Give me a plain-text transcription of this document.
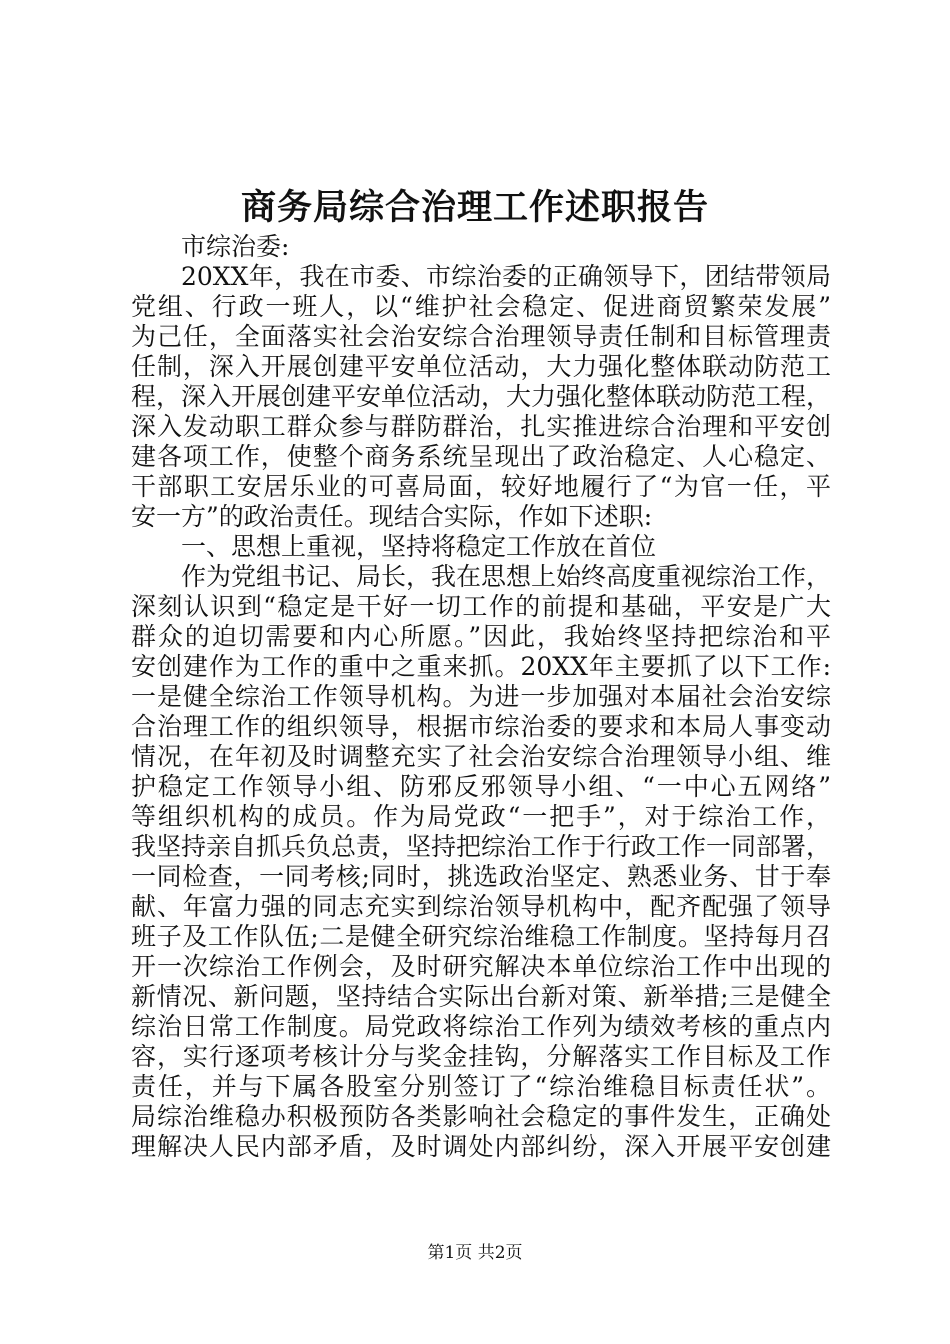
商务局综合治理工作述职报告
市综治委:
20XX年，我在市委、市综治委的正确领导下，团结带领局
党组、行政一班人，以“维护社会稳定、促进商贸繁荣发展”
为己任，全面落实社会治安综合治理领导责任制和目标管理责
任制，深入开展创建平安单位活动，大力强化整体联动防范工
程，深入开展创建平安单位活动，大力强化整体联动防范工程，
深入发动职工群众参与群防群治，扎实推进综合治理和平安创
建各项工作，使整个商务系统呈现出了政治稳定、人心稳定、
干部职工安居乐业的可喜局面，较好地履行了“为官一任，平
安一方”的政治责任。现结合实际，作如下述职:
一、思想上重视，坚持将稳定工作放在首位
作为党组书记、局长，我在思想上始终高度重视综治工作，
深刻认识到“稳定是干好一切工作的前提和基础，平安是广大
群众的迫切需要和内心所愿。”因此，我始终坚持把综治和平
安创建作为工作的重中之重来抓。20XX年主要抓了以下工作:
一是健全综治工作领导机构。为进一步加强对本届社会治安综
合治理工作的组织领导，根据市综治委的要求和本局人事变动
情况，在年初及时调整充实了社会治安综合治理领导小组、维
护稳定工作领导小组、防邪反邪领导小组、“一中心五网络”
等组织机构的成员。作为局党政“一把手”，对于综治工作，
我坚持亲自抓兵负总责，坚持把综治工作于行政工作一同部署，
一同检查，一同考核;同时，挑选政治坚定、熟悉业务、甘于奉
献、年富力强的同志充实到综治领导机构中，配齐配强了领导
班子及工作队伍;二是健全研究综治维稳工作制度。坚持每月召
开一次综治工作例会，及时研究解决本单位综治工作中出现的
新情况、新问题，坚持结合实际出台新对策、新举措;三是健全
综治日常工作制度。局党政将综治工作列为绩效考核的重点内
容，实行逐项考核计分与奖金挂钩，分解落实工作目标及工作
责任，并与下属各股室分别签订了“综治维稳目标责任状”。
局综治维稳办积极预防各类影响社会稳定的事件发生，正确处
理解决人民内部矛盾，及时调处内部纠纷，深入开展平安创建
第1页 共2页
